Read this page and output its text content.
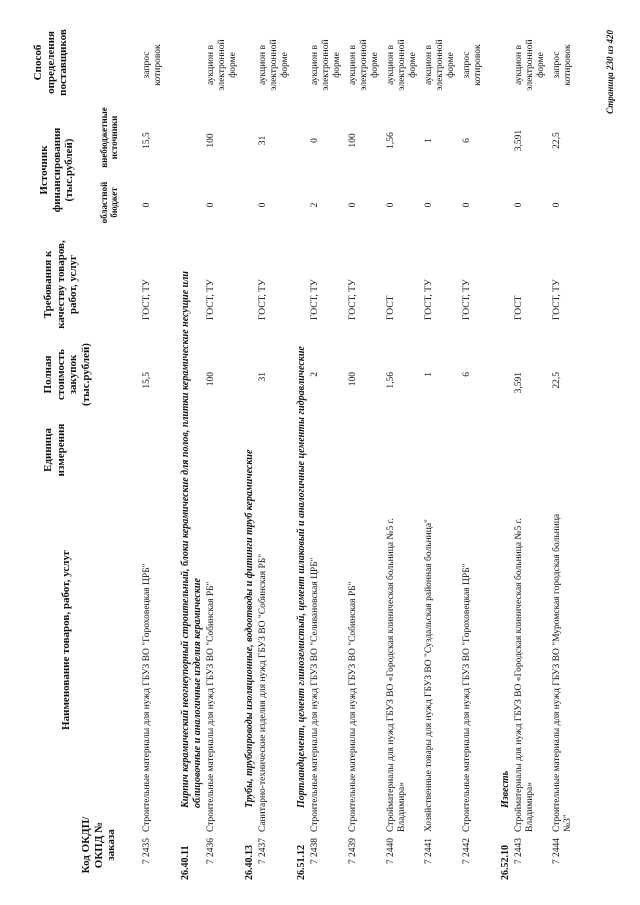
Код ОКДП/ ОКПД № заказа
Наименование товаров, работ, услуг
Единица измерения
Полная стоимость закупок (тыс.рублей)
Требования к качеству товаров, работ, услуг
Источник финансирования (тыс.рублей)
областной бюджет
внебюджетные источники
Способ определения поставщиков
7 2435
Строительные материалы для нужд ГБУЗ ВО "Гороховецкая ЦРБ"
15,5
ГОСТ, ТУ
0
15,5
запрос котировок
26.40.11
Кирпич керамический неогнеупорный строительный, блоки керамические для полов, плитки керамические несущие или облицовочные и аналогичные изделия керамические
7 2436
Строительные материалы для нужд ГБУЗ ВО "Собинская РБ"
100
ГОСТ, ТУ
0
100
аукцион в электронной форме
26.40.13
Трубы, трубопроводы изоляционные, водоотводы и фитинги труб керамические
7 2437
Санитарно-технические изделия для нужд ГБУЗ ВО "Собинская РБ"
31
ГОСТ, ТУ
0
31
аукцион в электронной форме
26.51.12
Портландцемент, цемент глиноземистый, цемент шлаковый и аналогичные цементы гидравлические
7 2438
Строительные материалы для нужд ГБУЗ ВО "Селивановская ЦРБ"
2
ГОСТ, ТУ
2
0
аукцион в электронной форме
7 2439
Строительные материалы для нужд ГБУЗ ВО "Собинская РБ"
100
ГОСТ, ТУ
0
100
аукцион в электронной форме
7 2440
Стройматериалы для нужд ГБУЗ ВО «Городская клиническая больница №5 г. Владимира»
1,56
ГОСТ
0
1,56
аукцион в электронной форме
7 2441
Хозяйственные товары для нужд ГБУЗ ВО "Суздальская районная больница"
1
ГОСТ, ТУ
0
1
аукцион в электронной форме
7 2442
Строительные материалы для нужд ГБУЗ ВО "Гороховецкая ЦРБ"
6
ГОСТ, ТУ
0
6
запрос котировок
26.52.10
Известь
7 2443
Стройматериалы для нужд ГБУЗ ВО «Городская клиническая больница №5 г. Владимира»
3,591
ГОСТ
0
3,591
аукцион в электронной форме
7 2444
Строительные материалы для нужд ГБУЗ ВО "Муромская городская больница №3"
22,5
ГОСТ, ТУ
0
22,5
запрос котировок	Страница 230 из 420
